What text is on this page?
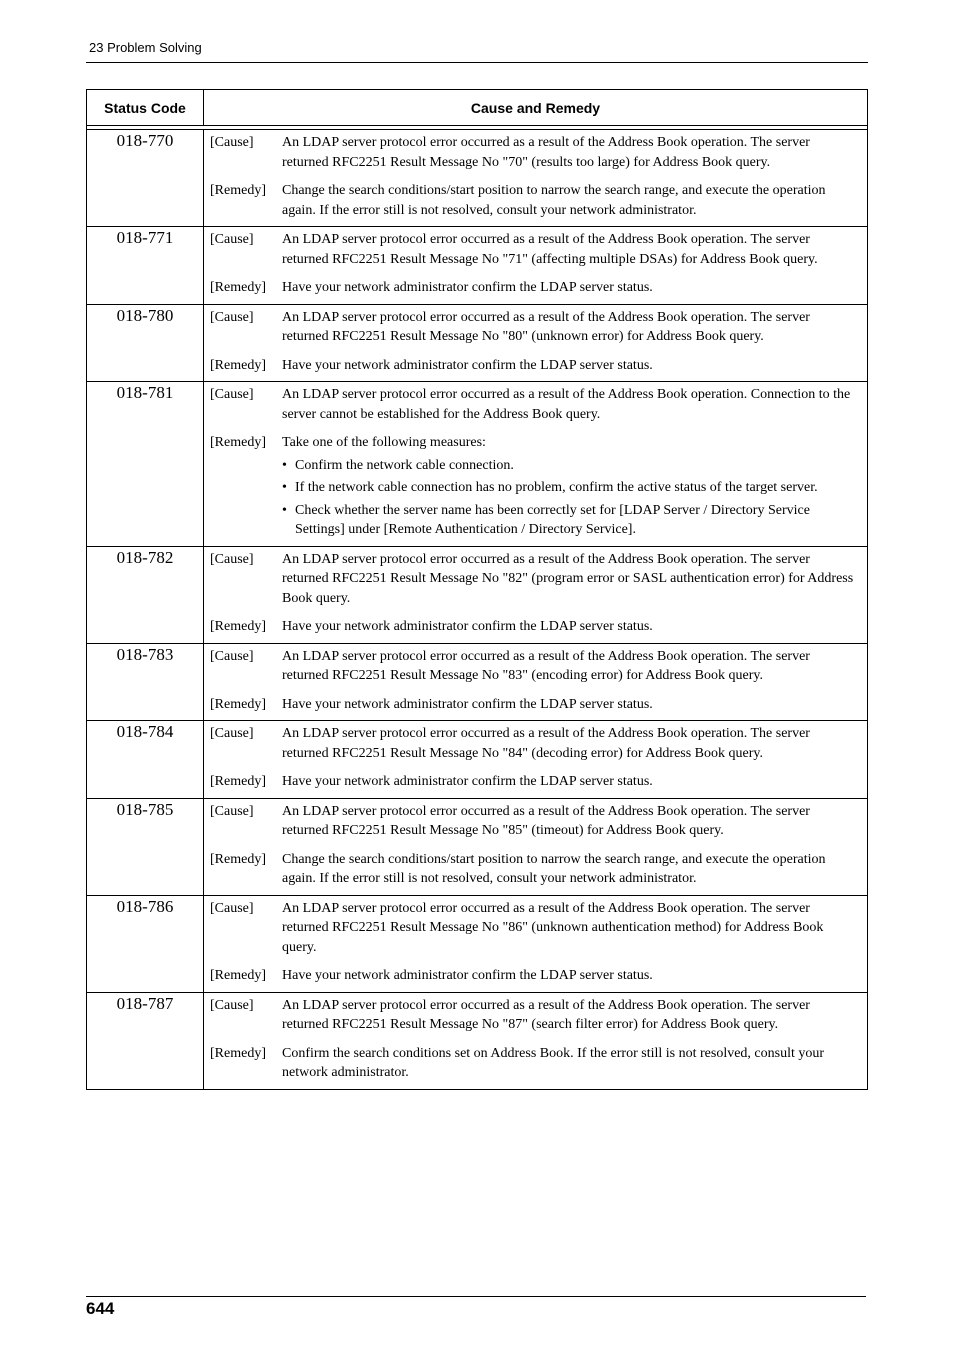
23 Problem Solving
Status Code	Cause and Remedy
018-770	[Cause]	An LDAP server protocol error occurred as a result of the Address Book operation. The server returned RFC2251 Result Message No "70" (results too large) for Address Book query.
[Remedy]	Change the search conditions/start position to narrow the search range, and execute the operation again. If the error still is not resolved, consult your network administrator.
018-771	[Cause]	An LDAP server protocol error occurred as a result of the Address Book operation. The server returned RFC2251 Result Message No "71" (affecting multiple DSAs) for Address Book query.
[Remedy]	Have your network administrator confirm the LDAP server status.
018-780	[Cause]	An LDAP server protocol error occurred as a result of the Address Book operation. The server returned RFC2251 Result Message No "80" (unknown error) for Address Book query.
[Remedy]	Have your network administrator confirm the LDAP server status.
018-781	[Cause]	An LDAP server protocol error occurred as a result of the Address Book operation. Connection to the server cannot be established for the Address Book query.
[Remedy]	Take one of the following measures:
• Confirm the network cable connection.
• If the network cable connection has no problem, confirm the active status of the target server.
• Check whether the server name has been correctly set for [LDAP Server / Directory Service Settings] under [Remote Authentication / Directory Service].
018-782	[Cause]	An LDAP server protocol error occurred as a result of the Address Book operation. The server returned RFC2251 Result Message No "82" (program error or SASL authentication error) for Address Book query.
[Remedy]	Have your network administrator confirm the LDAP server status.
018-783	[Cause]	An LDAP server protocol error occurred as a result of the Address Book operation. The server returned RFC2251 Result Message No "83" (encoding error) for Address Book query.
[Remedy]	Have your network administrator confirm the LDAP server status.
018-784	[Cause]	An LDAP server protocol error occurred as a result of the Address Book operation. The server returned RFC2251 Result Message No "84" (decoding error) for Address Book query.
[Remedy]	Have your network administrator confirm the LDAP server status.
018-785	[Cause]	An LDAP server protocol error occurred as a result of the Address Book operation. The server returned RFC2251 Result Message No "85" (timeout) for Address Book query.
[Remedy]	Change the search conditions/start position to narrow the search range, and execute the operation again. If the error still is not resolved, consult your network administrator.
018-786	[Cause]	An LDAP server protocol error occurred as a result of the Address Book operation. The server returned RFC2251 Result Message No "86" (unknown authentication method) for Address Book query.
[Remedy]	Have your network administrator confirm the LDAP server status.
018-787	[Cause]	An LDAP server protocol error occurred as a result of the Address Book operation. The server returned RFC2251 Result Message No "87" (search filter error) for Address Book query.
[Remedy]	Confirm the search conditions set on Address Book. If the error still is not resolved, consult your network administrator.
644
